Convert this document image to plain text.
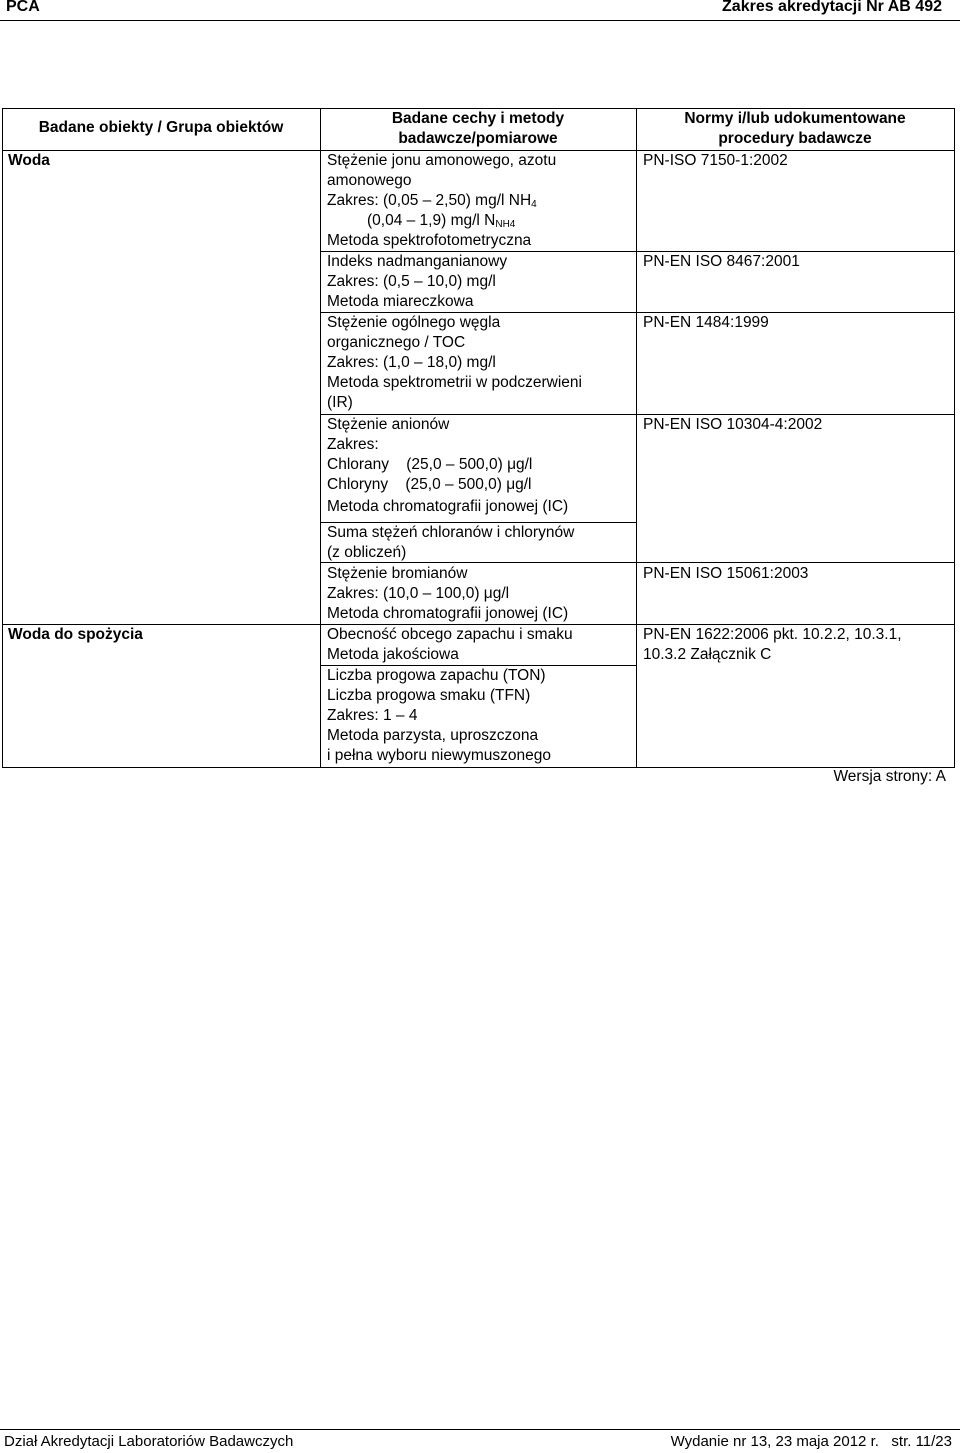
PCA	Zakres akredytacji Nr AB 492
Badane obiekty / Grupa obiektów
Badane cechy i metody
badawcze/pomiarowe
Normy i/lub udokumentowane
procedury badawcze
Woda
Woda do spożycia
Stężenie jonu amonowego, azotu
amonowego
Zakres: (0,05 – 2,50) mg/l $NH_4$
(0,04 – 1,9) mg/l $N_{NH4}$
Metoda spektrofotometryczna
Indeks nadmanganianowy
Zakres: (0,5 – 10,0) mg/l
Metoda miareczkowa
Stężenie ogólnego węgla
organicznego / TOC
Zakres: (1,0 – 18,0) mg/l
Metoda spektrometrii w podczerwieni
(IR)
Stężenie anionów
Zakres:
Chlorany    (25,0 – 500,0) μg/l
Chloryny    (25,0 – 500,0) μg/l
Metoda chromatografii jonowej (IC)
Suma stężeń chloranów i chlorynów
(z obliczeń)
Stężenie bromianów
Zakres: (10,0 – 100,0) μg/l
Metoda chromatografii jonowej (IC)
Obecność obcego zapachu i smaku
Metoda jakościowa
Liczba progowa zapachu (TON)
Liczba progowa smaku (TFN)
Zakres: 1 – 4
Metoda parzysta, uproszczona
i pełna wyboru niewymuszonego
PN-ISO 7150-1:2002
PN-EN ISO 8467:2001
PN-EN 1484:1999
PN-EN ISO 10304-4:2002
PN-EN ISO 15061:2003
PN-EN 1622:2006 pkt. 10.2.2, 10.3.1,
10.3.2 Załącznik C
Wersja strony: A
Dział Akredytacji Laboratoriów Badawczych	Wydanie nr 13, 23 maja 2012 r.   str. 11/23
